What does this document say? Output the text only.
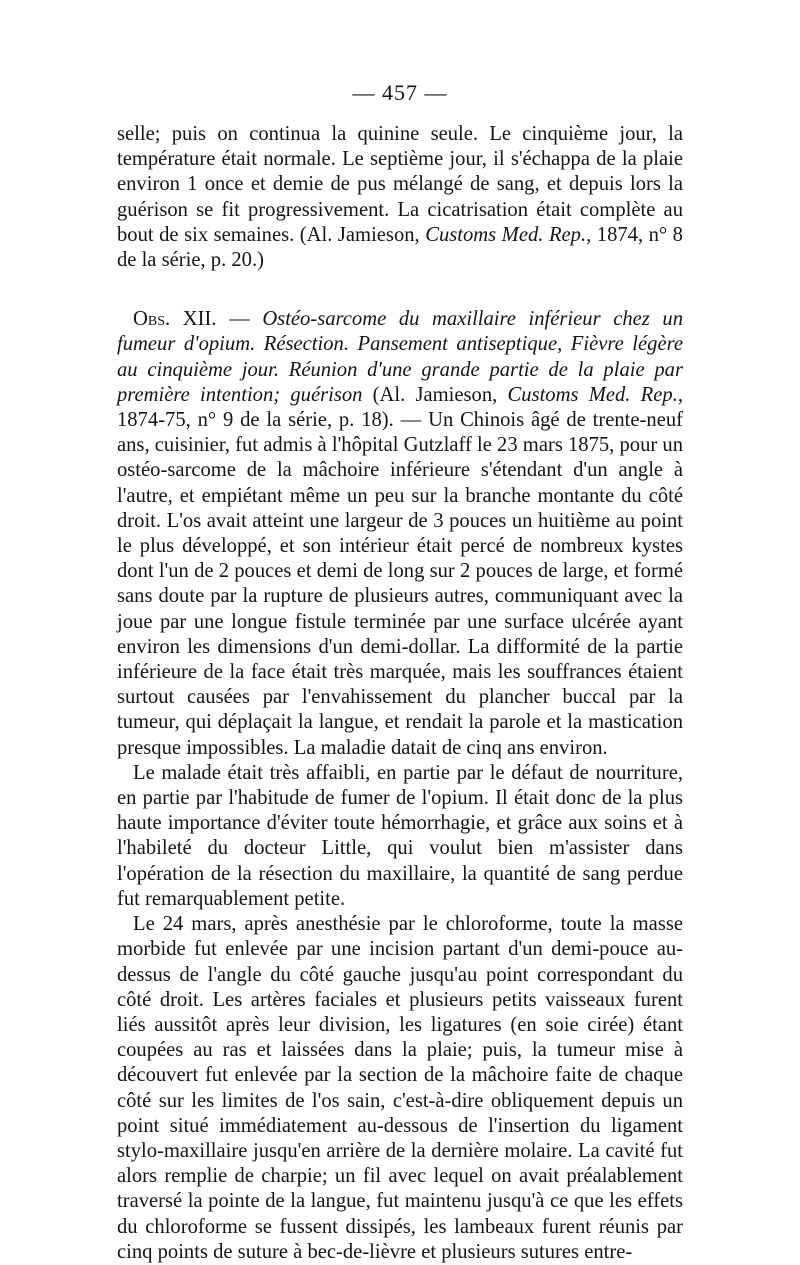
— 457 —

selle; puis on continua la quinine seule. Le cinquième jour, la température était normale. Le septième jour, il s'échappa de la plaie environ 1 once et demie de pus mélangé de sang, et depuis lors la guérison se fit progressivement. La cicatrisation était complète au bout de six semaines. (Al. Jamieson, Customs Med. Rep., 1874, n° 8 de la série, p. 20.)

Obs. XII. — Ostéo-sarcome du maxillaire inférieur chez un fumeur d'opium. Résection. Pansement antiseptique, Fièvre légère au cinquième jour. Réunion d'une grande partie de la plaie par première intention; guérison (Al. Jamieson, Customs Med. Rep., 1874-75, n° 9 de la série, p. 18). — Un Chinois âgé de trente-neuf ans, cuisinier, fut admis à l'hôpital Gutzlaff le 23 mars 1875, pour un ostéo-sarcome de la mâchoire inférieure s'étendant d'un angle à l'autre, et empiétant même un peu sur la branche montante du côté droit. L'os avait atteint une largeur de 3 pouces un huitième au point le plus développé, et son intérieur était percé de nombreux kystes dont l'un de 2 pouces et demi de long sur 2 pouces de large, et formé sans doute par la rupture de plusieurs autres, communiquant avec la joue par une longue fistule terminée par une surface ulcérée ayant environ les dimensions d'un demi-dollar. La difformité de la partie inférieure de la face était très marquée, mais les souffrances étaient surtout causées par l'envahissement du plancher buccal par la tumeur, qui déplaçait la langue, et rendait la parole et la mastication presque impossibles. La maladie datait de cinq ans environ.

Le malade était très affaibli, en partie par le défaut de nourriture, en partie par l'habitude de fumer de l'opium. Il était donc de la plus haute importance d'éviter toute hémorrhagie, et grâce aux soins et à l'habileté du docteur Little, qui voulut bien m'assister dans l'opération de la résection du maxillaire, la quantité de sang perdue fut remarquablement petite.

Le 24 mars, après anesthésie par le chloroforme, toute la masse morbide fut enlevée par une incision partant d'un demi-pouce au-dessus de l'angle du côté gauche jusqu'au point correspondant du côté droit. Les artères faciales et plusieurs petits vaisseaux furent liés aussitôt après leur division, les ligatures (en soie cirée) étant coupées au ras et laissées dans la plaie; puis, la tumeur mise à découvert fut enlevée par la section de la mâchoire faite de chaque côté sur les limites de l'os sain, c'est-à-dire obliquement depuis un point situé immédiatement au-dessous de l'insertion du ligament stylo-maxillaire jusqu'en arrière de la dernière molaire. La cavité fut alors remplie de charpie; un fil avec lequel on avait préalablement traversé la pointe de la langue, fut maintenu jusqu'à ce que les effets du chloroforme se fussent dissipés, les lambeaux furent réunis par cinq points de suture à bec-de-lièvre et plusieurs sutures entre-
